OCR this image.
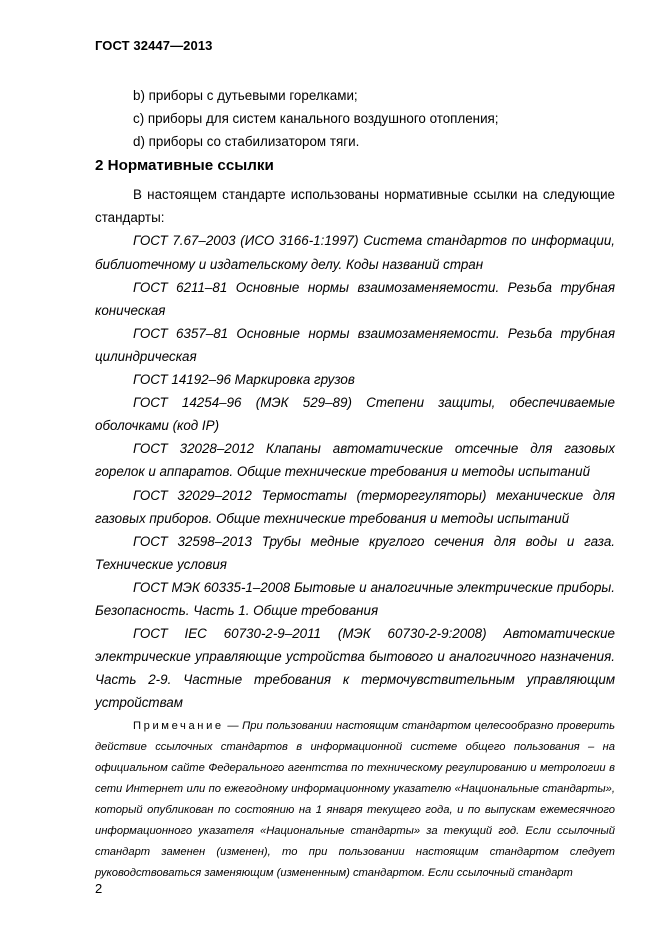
ГОСТ 32447—2013
b) приборы с дутьевыми горелками;
c) приборы для систем канального воздушного отопления;
d) приборы со стабилизатором тяги.
2 Нормативные ссылки

В настоящем стандарте использованы нормативные ссылки на следующие стандарты:

ГОСТ 7.67–2003 (ИСО 3166-1:1997) Система стандартов по информации, библиотечному и издательскому делу. Коды названий стран

ГОСТ 6211–81 Основные нормы взаимозаменяемости. Резьба трубная коническая

ГОСТ 6357–81 Основные нормы взаимозаменяемости. Резьба трубная цилиндрическая

ГОСТ 14192–96 Маркировка грузов

ГОСТ 14254–96 (МЭК 529–89) Степени защиты, обеспечиваемые оболочками (код IP)

ГОСТ 32028–2012 Клапаны автоматические отсечные для газовых горелок и аппаратов. Общие технические требования и методы испытаний

ГОСТ 32029–2012 Термостаты (терморегуляторы) механические для газовых приборов. Общие технические требования и методы испытаний

ГОСТ 32598–2013 Трубы медные круглого сечения для воды и газа. Технические условия

ГОСТ МЭК 60335-1–2008 Бытовые и аналогичные электрические приборы. Безопасность. Часть 1. Общие требования

ГОСТ IEC 60730-2-9–2011 (МЭК 60730-2-9:2008) Автоматические электрические управляющие устройства бытового и аналогичного назначения. Часть 2-9. Частные требования к термочувствительным управляющим устройствам

Примечание — При пользовании настоящим стандартом целесообразно проверить действие ссылочных стандартов в информационной системе общего пользования – на официальном сайте Федерального агентства по техническому регулированию и метрологии в сети Интернет или по ежегодному информационному указателю «Национальные стандарты», который опубликован по состоянию на 1 января текущего года, и по выпускам ежемесячного информационного указателя «Национальные стандарты» за текущий год. Если ссылочный стандарт заменен (изменен), то при пользовании настоящим стандартом следует руководствоваться заменяющим (измененным) стандартом. Если ссылочный стандарт

2
